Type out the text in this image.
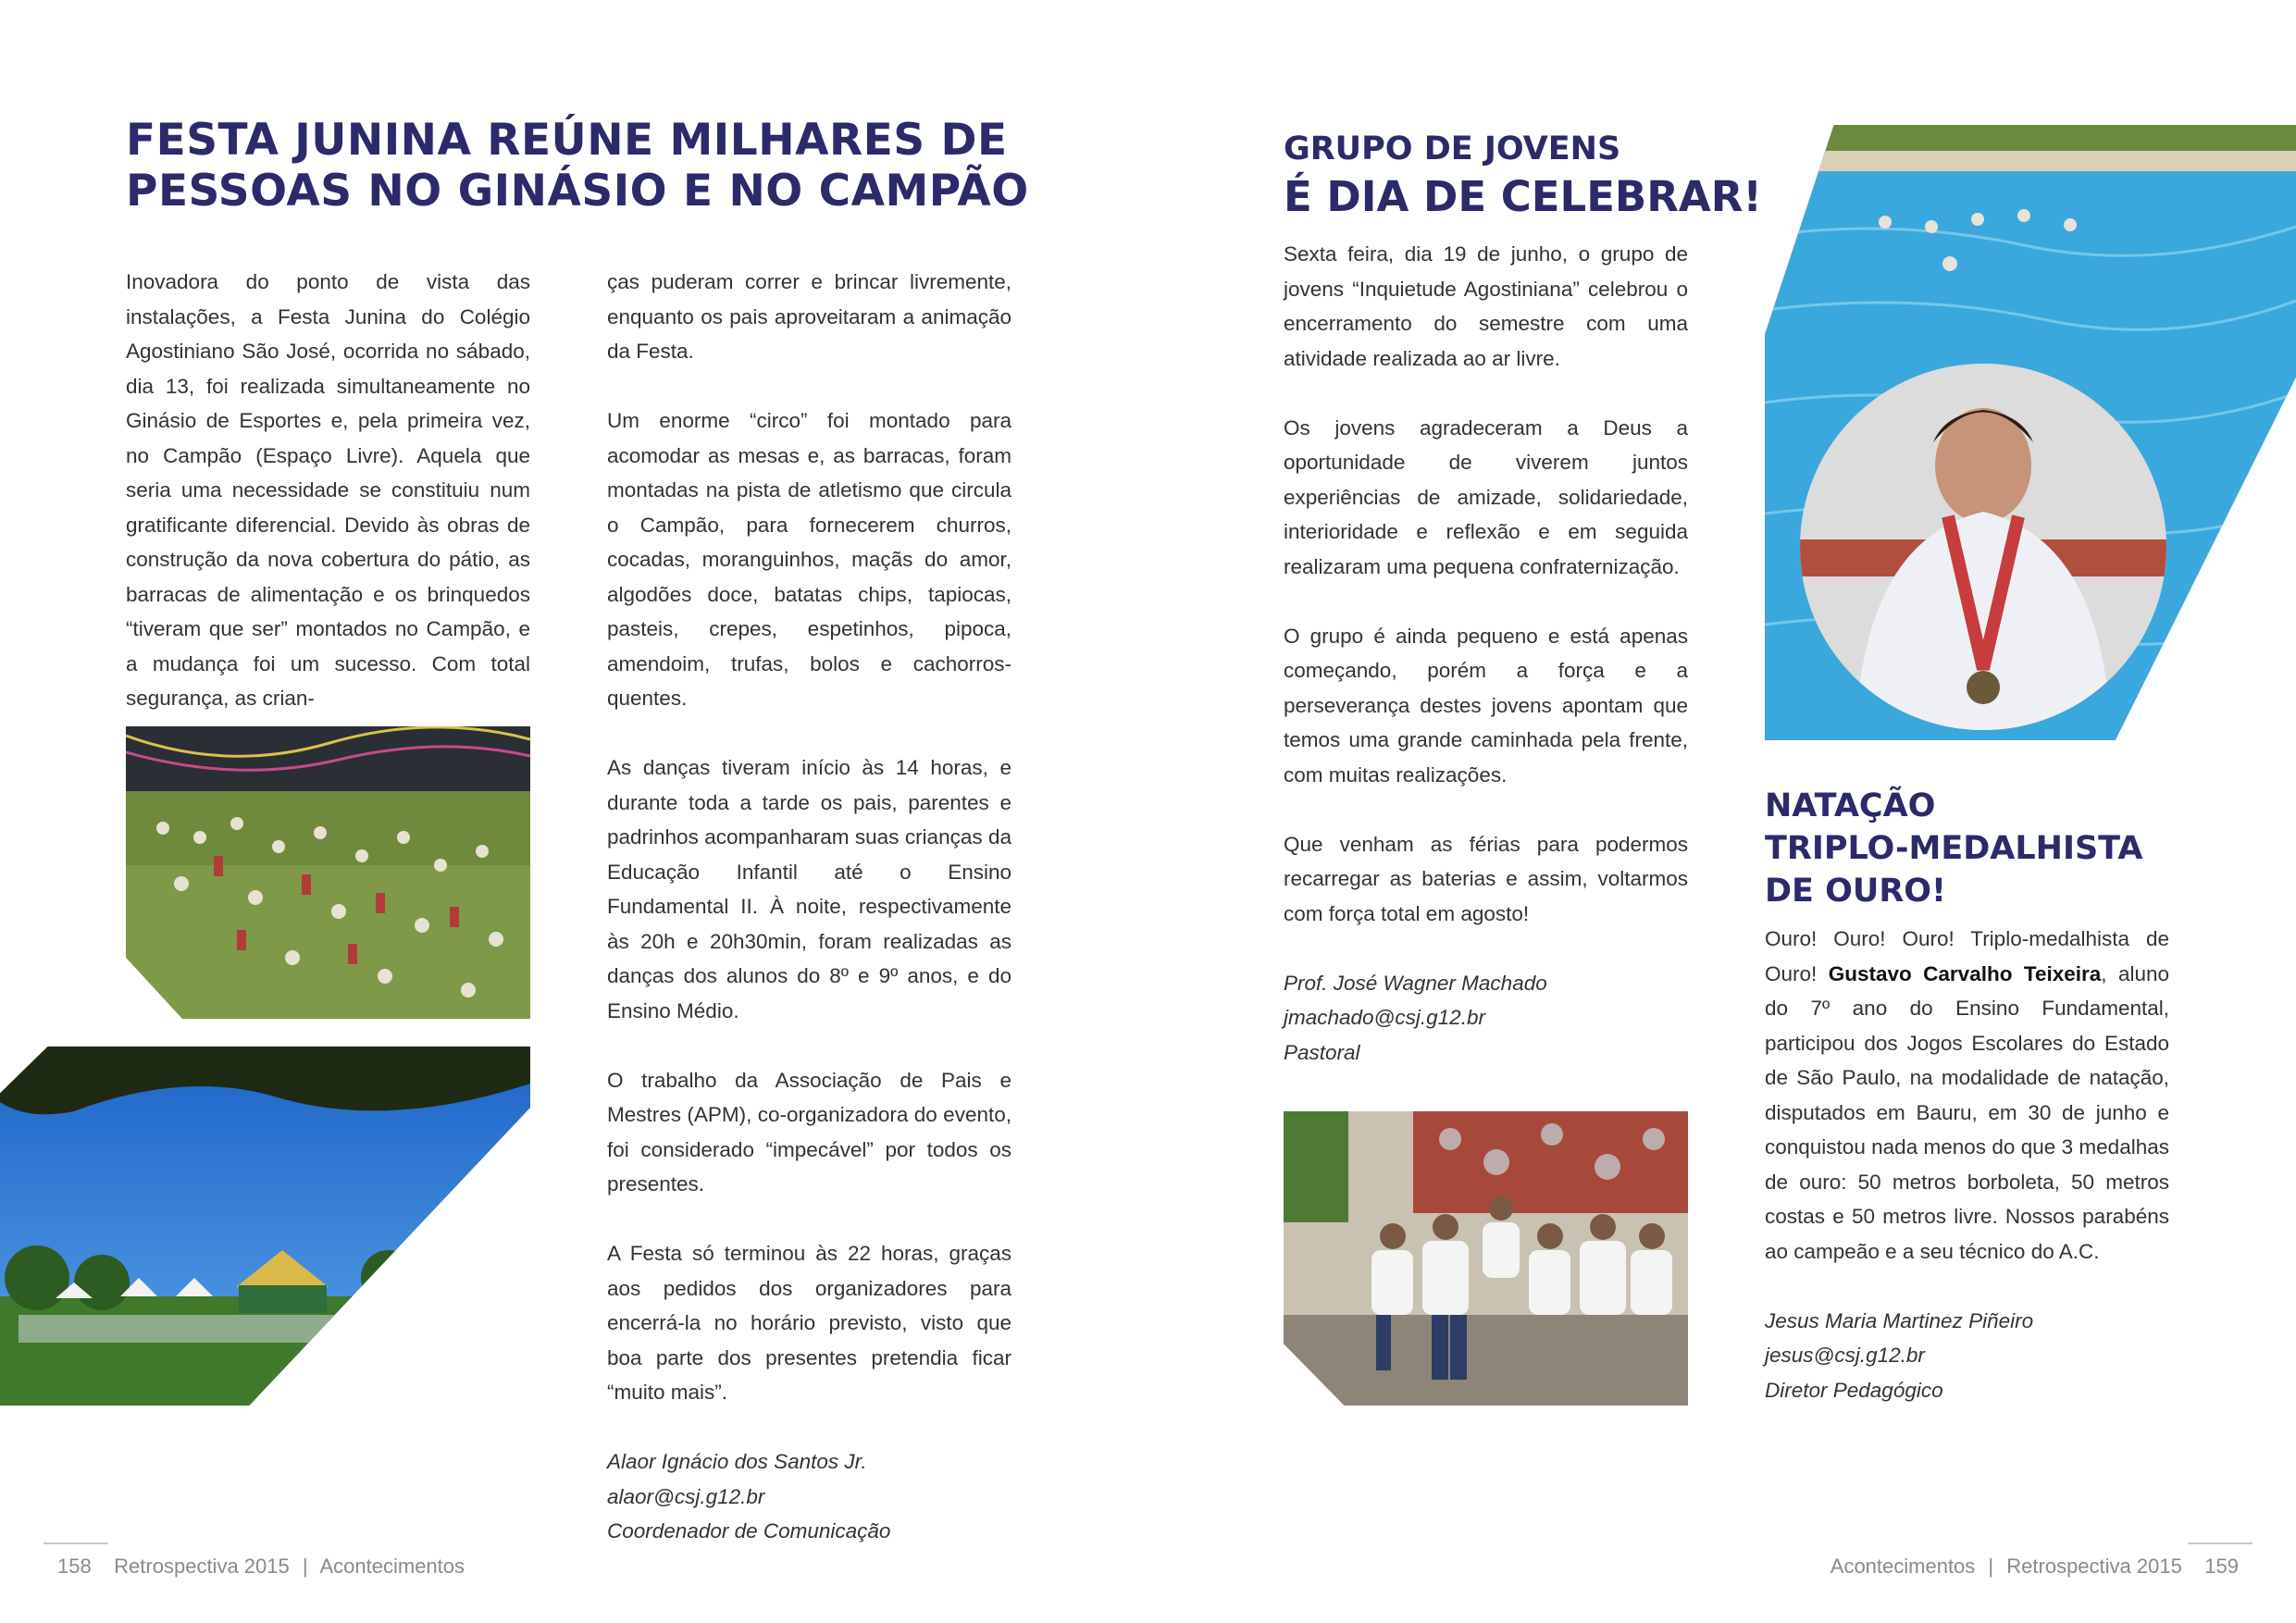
FESTA JUNINA REÚNE MILHARES DE
PESSOAS NO GINÁSIO E NO CAMPÃO

Inovadora do ponto de vista das instalações, a Festa Junina do Colégio Agostiniano São José, ocorrida no sábado, dia 13, foi realizada simultaneamente no Ginásio de Esportes e, pela primeira vez, no Campão (Espaço Livre). Aquela que seria uma necessidade se constituiu num gratificante diferencial. Devido às obras de construção da nova cobertura do pátio, as barracas de alimentação e os brinquedos “tiveram que ser” montados no Campão, e a mudança foi um sucesso. Com total segurança, as crian-

ças puderam correr e brincar livremente, enquanto os pais aproveitaram a animação da Festa.

Um enorme “circo” foi montado para acomodar as mesas e, as barracas, foram montadas na pista de atletismo que circula o Campão, para fornecerem churros, cocadas, moranguinhos, maçãs do amor, algodões doce, batatas chips, tapiocas, pasteis, crepes, espetinhos, pipoca, amendoim, trufas, bolos e cachorros-quentes.

As danças tiveram início às 14 horas, e durante toda a tarde os pais, parentes e padrinhos acompanharam suas crianças da Educação Infantil até o Ensino Fundamental II. À noite, respectivamente às 20h e 20h30min, foram realizadas as danças dos alunos do 8º e 9º anos, e do Ensino Médio.

O trabalho da Associação de Pais e Mestres (APM), co-organizadora do evento, foi considerado “impecável” por todos os presentes.

A Festa só terminou às 22 horas, graças aos pedidos dos organizadores para encerrá-la no horário previsto, visto que boa parte dos presentes pretendia ficar “muito mais”.

Alaor Ignácio dos Santos Jr.

alaor@csj.g12.br

Coordenador de Comunicação

158 Retrospectiva 2015 | Acontecimentos
GRUPO DE JOVENS
É DIA DE CELEBRAR!

Sexta feira, dia 19 de junho, o grupo de jovens “Inquietude Agostiniana” celebrou o encerramento do semestre com uma atividade realizada ao ar livre.

Os jovens agradeceram a Deus a oportunidade de viverem juntos experiências de amizade, solidariedade, interioridade e reflexão e em seguida realizaram uma pequena confraternização.

O grupo é ainda pequeno e está apenas começando, porém a força e a perseverança destes jovens apontam que temos uma grande caminhada pela frente, com muitas realizações.

Que venham as férias para podermos recarregar as baterias e assim, voltarmos com força total em agosto!

Prof. José Wagner Machado

jmachado@csj.g12.br

Pastoral

NATAÇÃO
TRIPLO-MEDALHISTA
DE OURO!

Ouro! Ouro! Ouro! Triplo-medalhista de Ouro! Gustavo Carvalho Teixeira, aluno do 7º ano do Ensino Fundamental, participou dos Jogos Escolares do Estado de São Paulo, na modalidade de natação, disputados em Bauru, em 30 de junho e conquistou nada menos do que 3 medalhas de ouro: 50 metros borboleta, 50 metros costas e 50 metros livre. Nossos parabéns ao campeão e a seu técnico do A.C.

Jesus Maria Martinez Piñeiro

jesus@csj.g12.br

Diretor Pedagógico

Acontecimentos | Retrospectiva 2015 159
